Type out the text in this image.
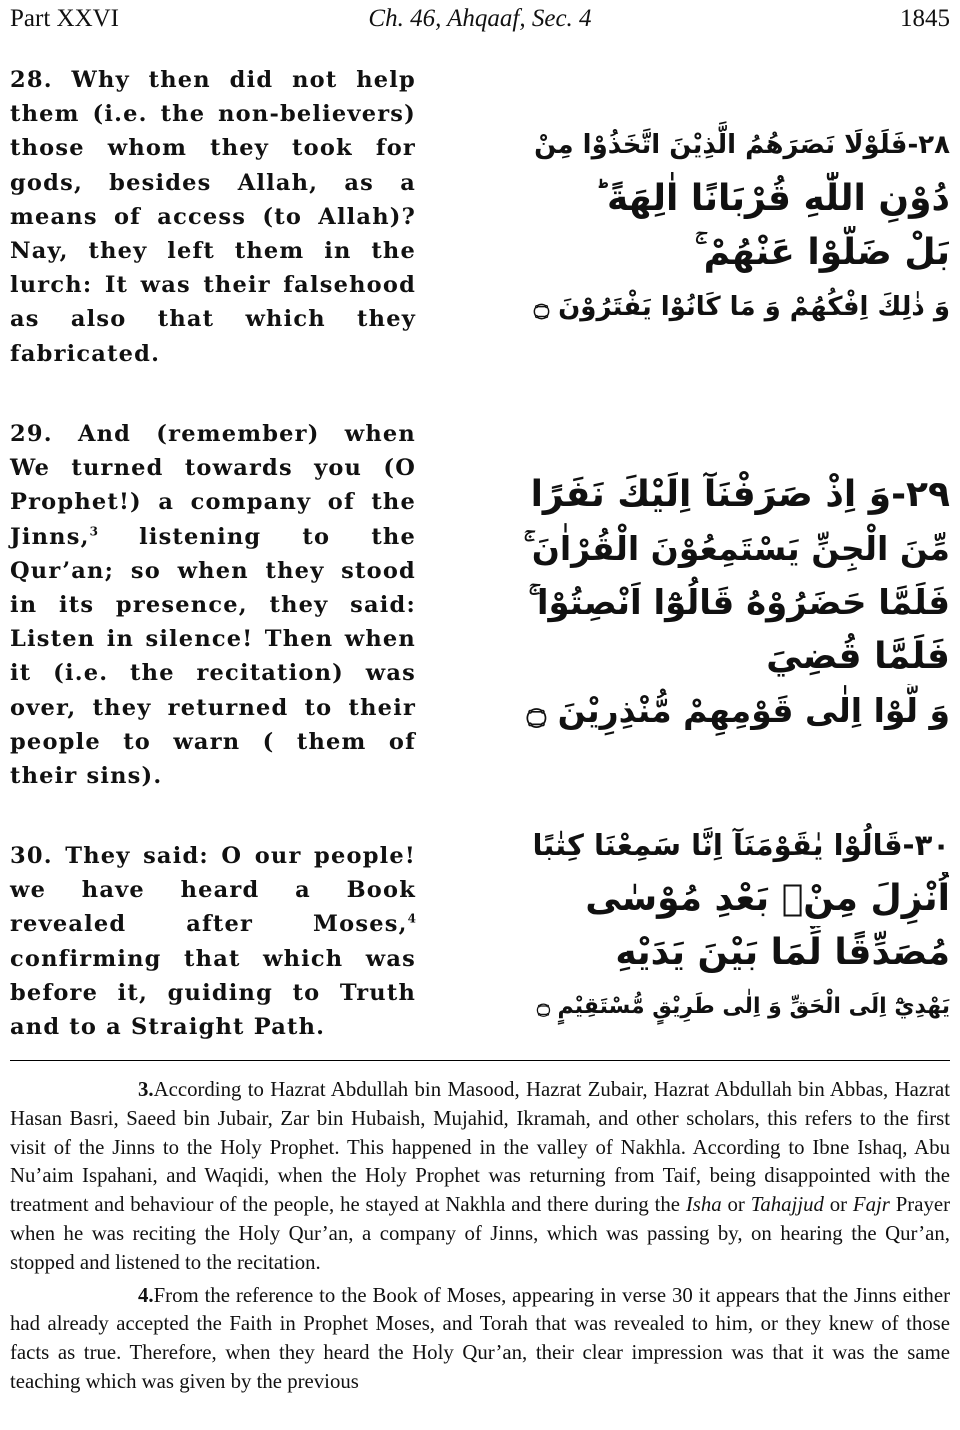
Part XXVI	Ch. 46, Ahqaaf, Sec. 4	1845
28. Why then did not help them (i.e. the non-believers) those whom they took for gods, besides Allah, as a means of access (to Allah)? Nay, they left them in the lurch: It was their falsehood as also that which they fabricated.
٢٨-فَلَوْلَا نَصَرَهُمُ الَّذِيْنَ اتَّخَذُوْا مِنْ
دُوْنِ اللّٰهِ قُرْبَانًا اٰلِهَةً ؕ
بَلْ ضَلُّوْا عَنْهُمْ ۚ
وَ ذٰلِكَ اِفْكُهُمْ وَ مَا كَانُوْا يَفْتَرُوْنَ ۝
29. And (remember) when We turned towards you (O Prophet!) a company of the Jinns,$^3$ listening to the Qur’an; so when they stood in its presence, they said: Listen in silence! Then when it (i.e. the recitation) was over, they returned to their people to warn ( them of their sins).
٢٩-وَ اِذْ صَرَفْنَآ اِلَيْكَ نَفَرًا
مِّنَ الْجِنِّ يَسْتَمِعُوْنَ الْقُرْاٰنَ ۚ
فَلَمَّا حَضَرُوْهُ قَالُوْٓا اَنْصِتُوْا ۚ
فَلَمَّا قُضِيَ
وَ لَّوْا اِلٰى قَوْمِهِمْ مُّنْذِرِيْنَ ۝
30. They said: O our people! we have heard a Book revealed after Moses,$^4$ confirming that which was before it, guiding to Truth and to a Straight Path.
٣٠-قَالُوْا يٰقَوْمَنَآ اِنَّا سَمِعْنَا كِتٰبًا
اُنْزِلَ مِنْۢ بَعْدِ مُوْسٰى
مُصَدِّقًا لِّمَا بَيْنَ يَدَيْهِ
يَهْدِيْٓ اِلَى الْحَقِّ وَ اِلٰى طَرِيْقٍ مُّسْتَقِيْمٍ ۝

3.According to Hazrat Abdullah bin Masood, Hazrat Zubair, Hazrat Abdullah bin Abbas, Hazrat Hasan Basri, Saeed bin Jubair, Zar bin Hubaish, Mujahid, Ikramah, and other scholars, this refers to the first visit of the Jinns to the Holy Prophet. This happened in the valley of Nakhla. According to Ibne Ishaq, Abu Nu’aim Ispahani, and Waqidi, when the Holy Prophet was returning from Taif, being disappointed with the treatment and behaviour of the people, he stayed at Nakhla and there during the Isha or Tahajjud or Fajr Prayer when he was reciting the Holy Qur’an, a company of Jinns, which was passing by, on hearing the Qur’an, stopped and listened to the recitation.

4.From the reference to the Book of Moses, appearing in verse 30 it appears that the Jinns either had already accepted the Faith in Prophet Moses, and Torah that was revealed to him, or they knew of those facts as true. Therefore, when they heard the Holy Qur’an, their clear impression was that it was the same teaching which was given by the previous
